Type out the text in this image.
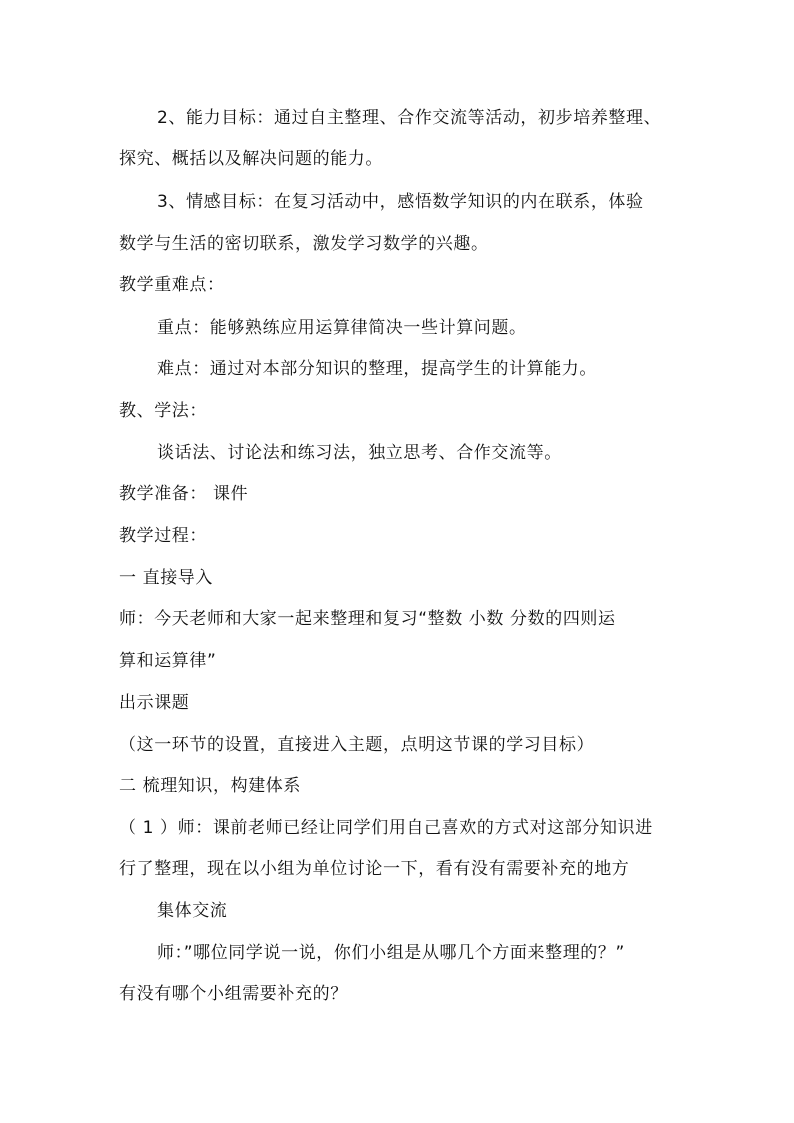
2、能力目标：通过自主整理、合作交流等活动，初步培养整理、
探究、概括以及解决问题的能力。
3、情感目标：在复习活动中，感悟数学知识的内在联系，体验
数学与生活的密切联系，激发学习数学的兴趣。
教学重难点：
重点：能够熟练应用运算律简决一些计算问题。
难点：通过对本部分知识的整理，提高学生的计算能力。
教、学法：
谈话法、讨论法和练习法，独立思考、合作交流等。
教学准备： 课件
教学过程：
一 直接导入
师：今天老师和大家一起来整理和复习“整数 小数 分数的四则运
算和运算律”
出示课题
（这一环节的设置，直接进入主题，点明这节课的学习目标）
二 梳理知识，构建体系
（ 1 ）师：课前老师已经让同学们用自己喜欢的方式对这部分知识进
行了整理，现在以小组为单位讨论一下，看有没有需要补充的地方
集体交流
师：”哪位同学说一说，你们小组是从哪几个方面来整理的？”
有没有哪个小组需要补充的？
